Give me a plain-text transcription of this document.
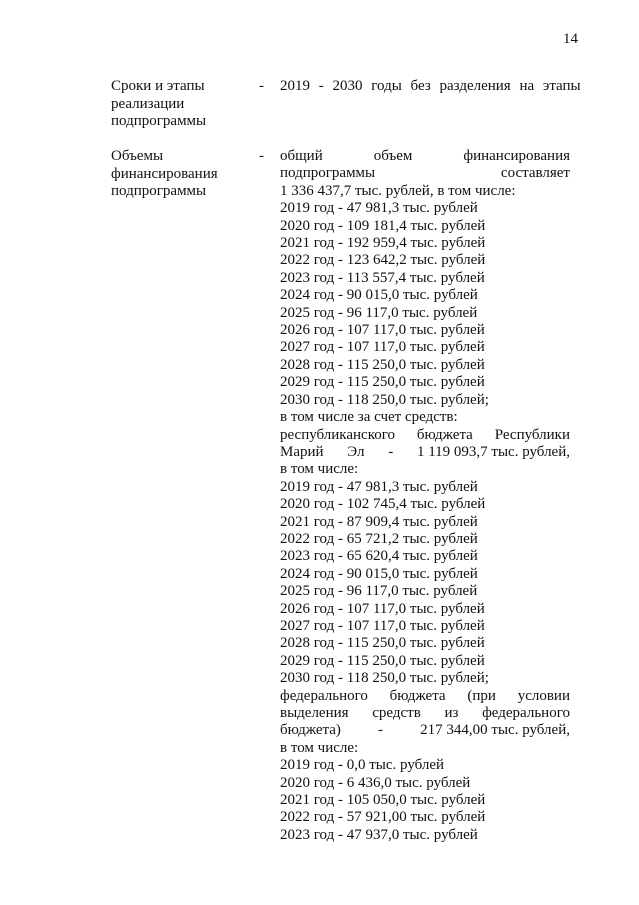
14
Сроки и этапы
реализации
подпрограммы
- 2019 - 2030 годы без разделения на этапы
Объемы
финансирования
подпрограммы
- общий	объем	финансирования
подпрограммы	составляет
1 336 437,7 тыс. рублей, в том числе:
2019 год - 47 981,3 тыс. рублей
2020 год - 109 181,4 тыс. рублей
2021 год - 192 959,4 тыс. рублей
2022 год - 123 642,2 тыс. рублей
2023 год - 113 557,4 тыс. рублей
2024 год - 90 015,0 тыс. рублей
2025 год - 96 117,0 тыс. рублей
2026 год - 107 117,0 тыс. рублей
2027 год - 107 117,0 тыс. рублей
2028 год - 115 250,0 тыс. рублей
2029 год - 115 250,0 тыс. рублей
2030 год - 118 250,0 тыс. рублей;
в том числе за счет средств:
республиканского бюджета Республики
Марий Эл - 1 119 093,7 тыс. рублей,
в том числе:
2019 год - 47 981,3 тыс. рублей
2020 год - 102 745,4 тыс. рублей
2021 год - 87 909,4 тыс. рублей
2022 год - 65 721,2 тыс. рублей
2023 год - 65 620,4 тыс. рублей
2024 год - 90 015,0 тыс. рублей
2025 год - 96 117,0 тыс. рублей
2026 год - 107 117,0 тыс. рублей
2027 год - 107 117,0 тыс. рублей
2028 год - 115 250,0 тыс. рублей
2029 год - 115 250,0 тыс. рублей
2030 год - 118 250,0 тыс. рублей;
федерального бюджета (при условии
выделения средств из федерального
бюджета) - 217 344,00 тыс. рублей,
в том числе:
2019 год - 0,0 тыс. рублей
2020 год - 6 436,0 тыс. рублей
2021 год - 105 050,0 тыс. рублей
2022 год - 57 921,00 тыс. рублей
2023 год - 47 937,0 тыс. рублей
